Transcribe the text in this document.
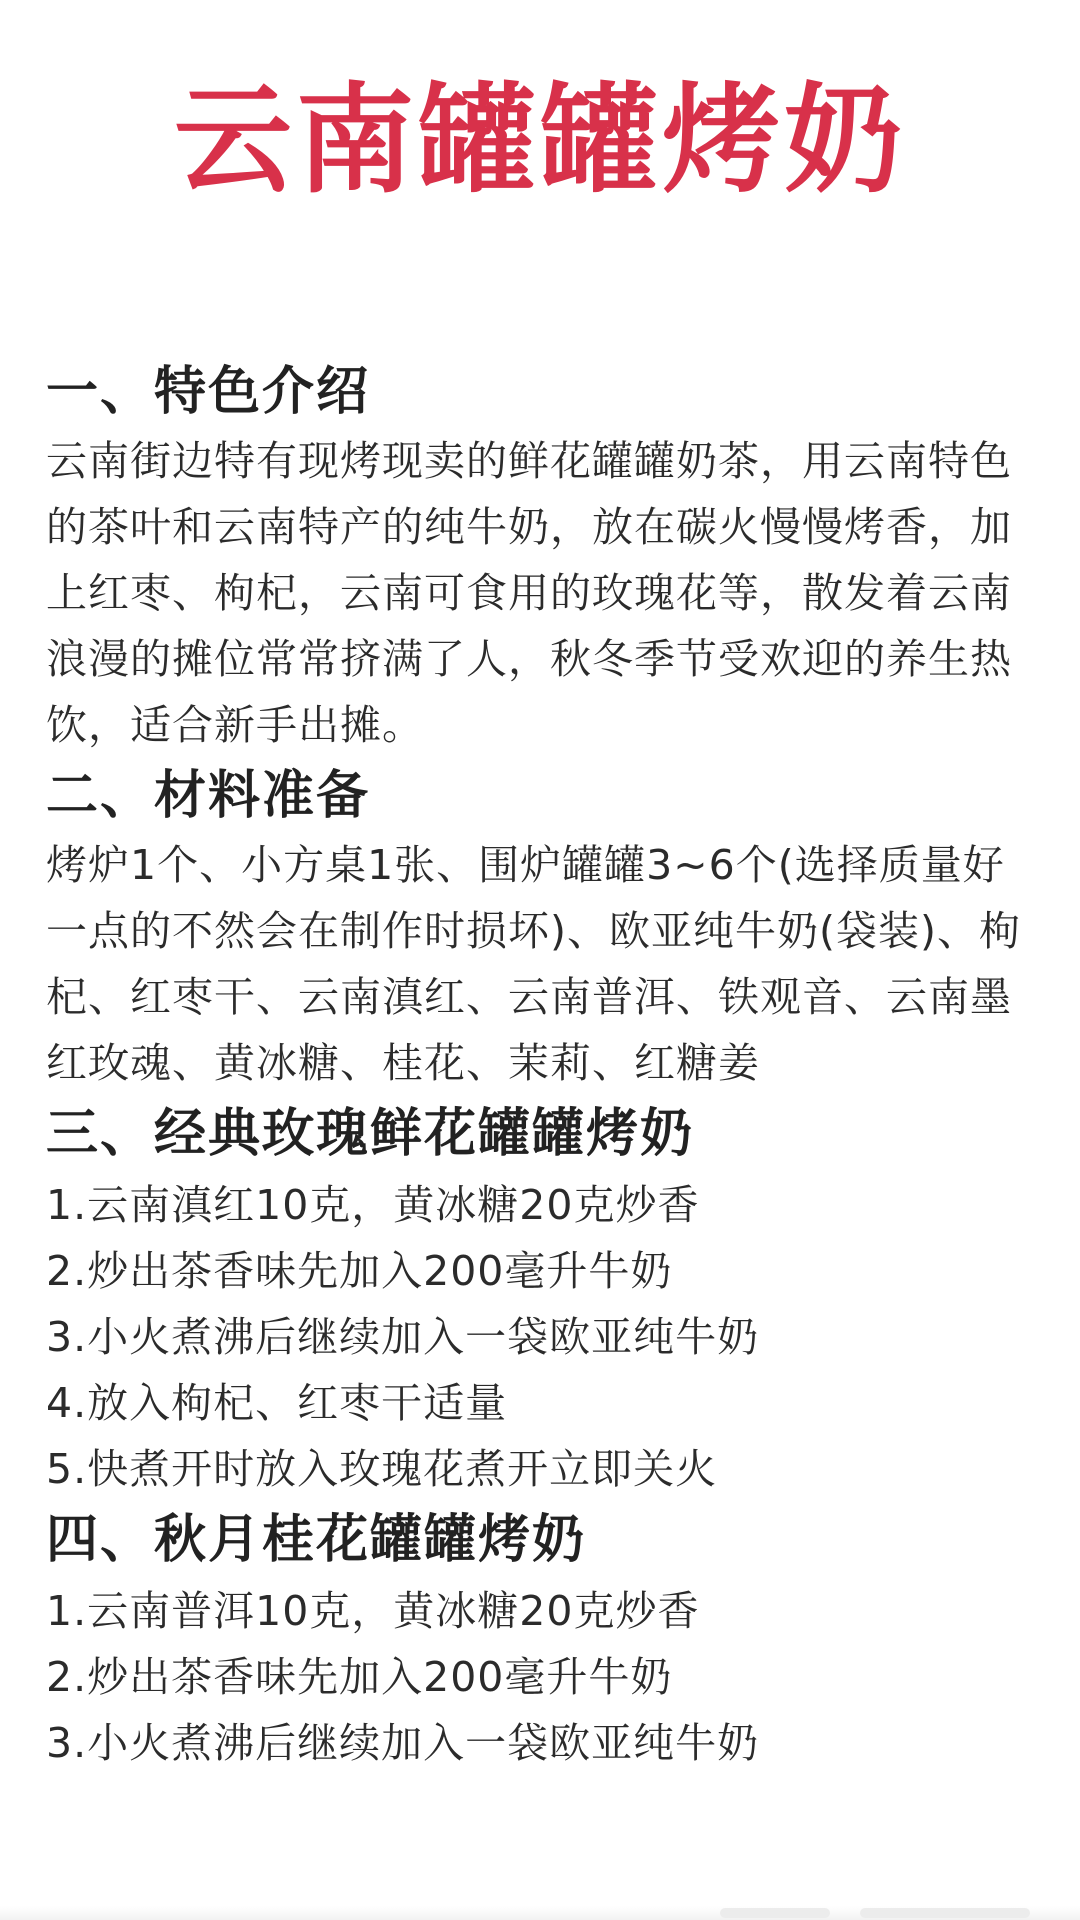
云南罐罐烤奶
一、特色介绍

云南街边特有现烤现卖的鲜花罐罐奶茶，用云南特色的茶叶和云南特产的纯牛奶，放在碳火慢慢烤香，加上红枣、枸杞，云南可食用的玫瑰花等，散发着云南浪漫的摊位常常挤满了人，秋冬季节受欢迎的养生热饮，适合新手出摊。

二、材料准备

烤炉1个、小方桌1张、围炉罐罐3~6个(选择质量好一点的不然会在制作时损坏)、欧亚纯牛奶(袋装)、枸杞、红枣干、云南滇红、云南普洱、铁观音、云南墨红玫魂、黄冰糖、桂花、茉莉、红糖姜

三、经典玫瑰鲜花罐罐烤奶
1.云南滇红10克，黄冰糖20克炒香
2.炒出茶香味先加入200毫升牛奶
3.小火煮沸后继续加入一袋欧亚纯牛奶
4.放入枸杞、红枣干适量
5.快煮开时放入玫瑰花煮开立即关火
四、秋月桂花罐罐烤奶
1.云南普洱10克，黄冰糖20克炒香
2.炒出茶香味先加入200毫升牛奶
3.小火煮沸后继续加入一袋欧亚纯牛奶
